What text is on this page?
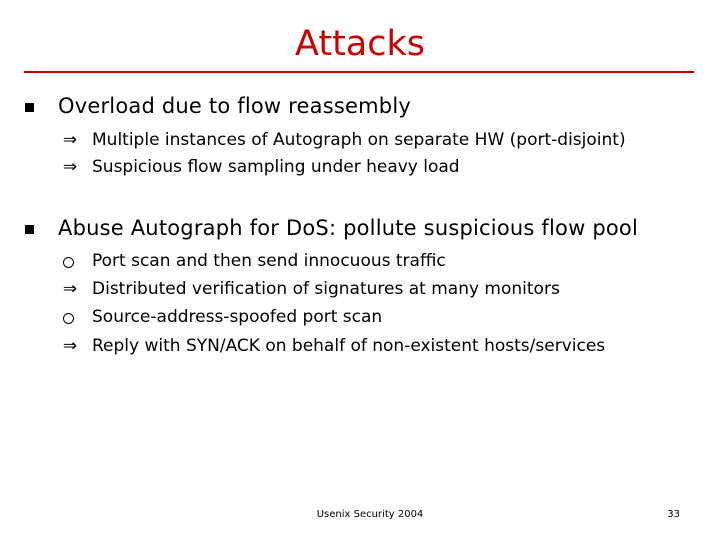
Attacks
Overload due to flow reassembly
⇒ Multiple instances of Autograph on separate HW (port-disjoint)
⇒ Suspicious flow sampling under heavy load
Abuse Autograph for DoS: pollute suspicious flow pool
Port scan and then send innocuous traffic
⇒ Distributed verification of signatures at many monitors
Source-address-spoofed port scan
⇒ Reply with SYN/ACK on behalf of non-existent hosts/services
Usenix Security 2004	33
